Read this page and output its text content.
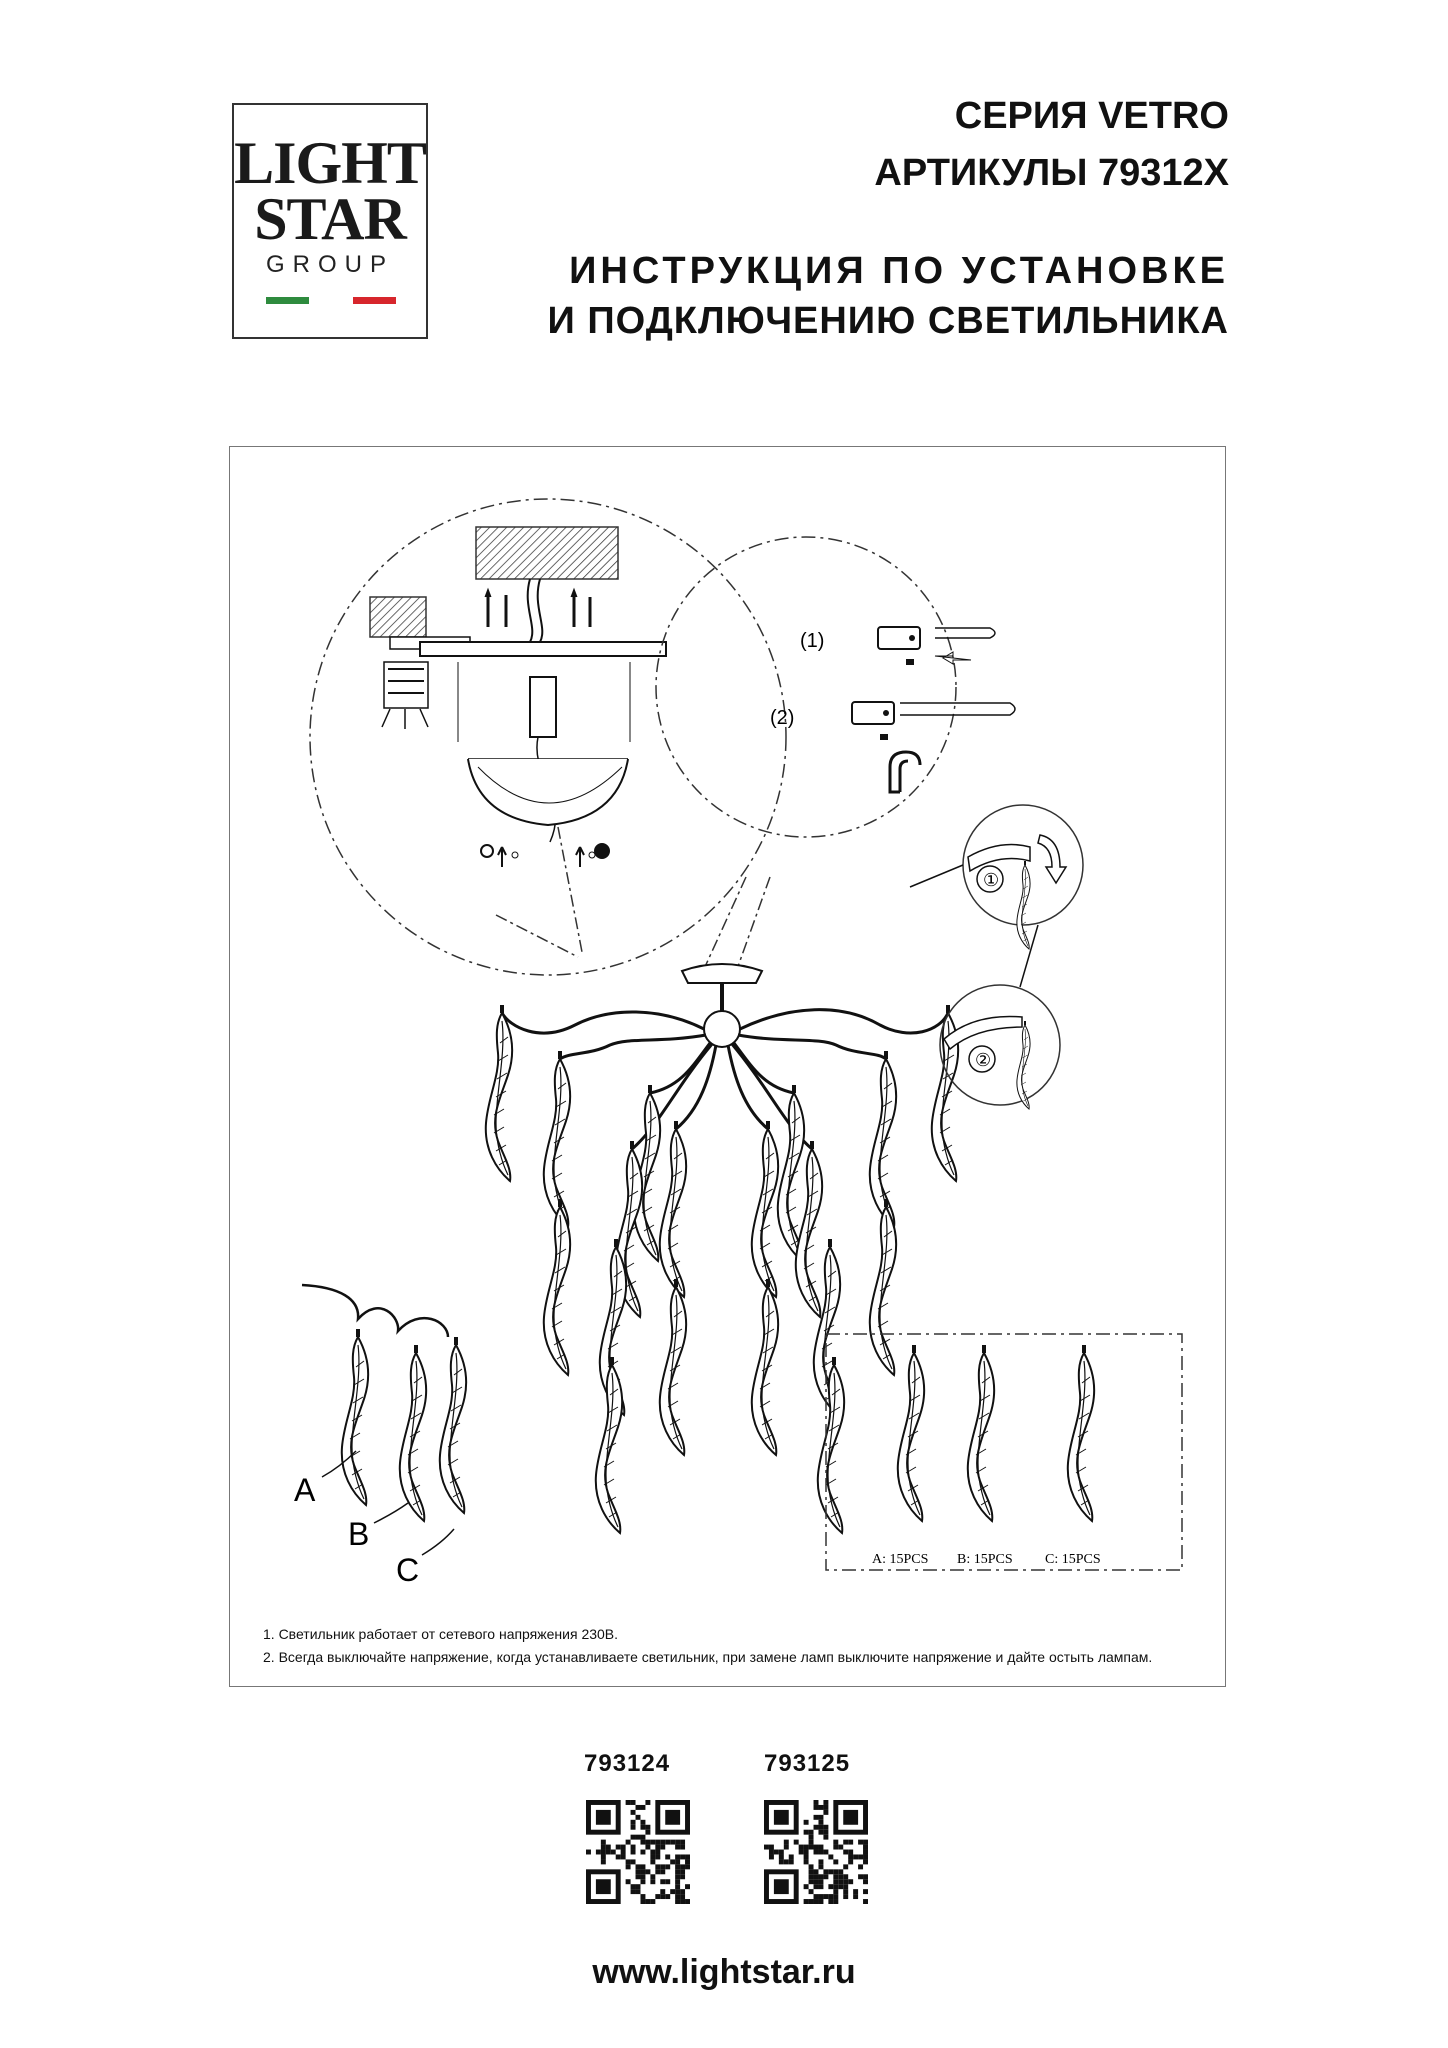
LIGHT
STAR
GROUP
СЕРИЯ VETRO
АРТИКУЛЫ 79312X
ИНСТРУКЦИЯ ПО УСТАНОВКЕ
И ПОДКЛЮЧЕНИЮ СВЕТИЛЬНИКА
(1)
(2)
①
②
A
B
C	A: 15PCS B: 15PCS C: 15PCS
1. Светильник работает от сетевого напряжения 230В.
2. Всегда выключайте напряжение, когда устанавливаете светильник, при замене ламп выключите напряжение и дайте остыть лампам.
793124	793125
www.lightstar.ru
